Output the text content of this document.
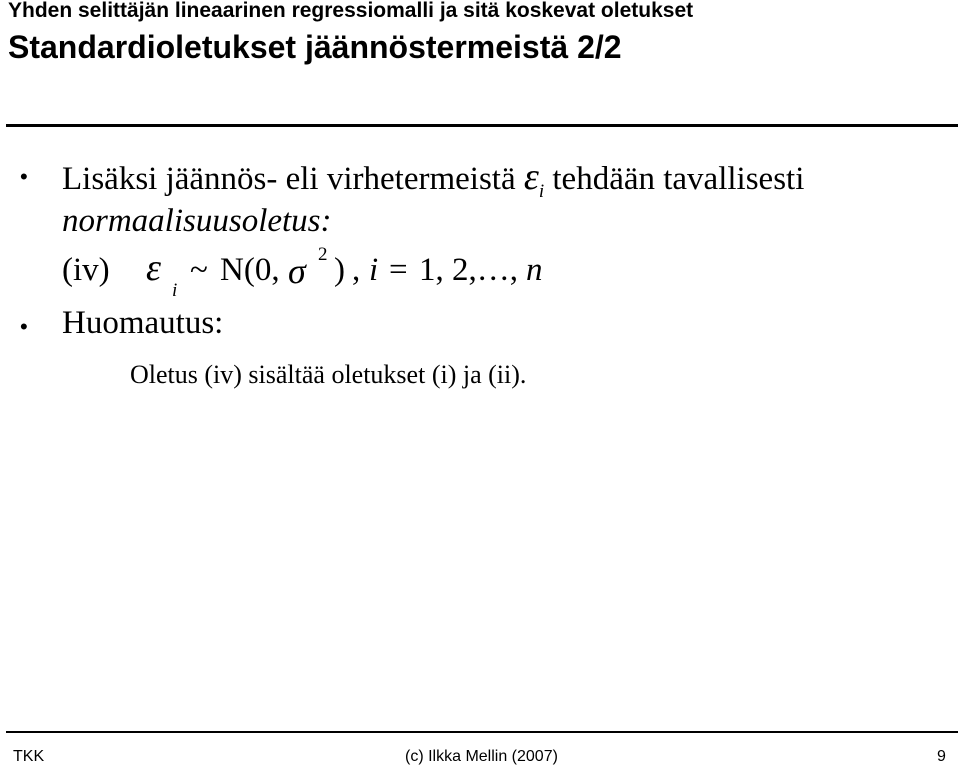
Yhden selittäjän lineaarinen regressiomalli ja sitä koskevat oletukset
Standardioletukset jäännöstermeistä 2/2
• Lisäksi jäännös- eli virhetermeistä $\varepsilon_i$ tehdään tavallisesti
normaalisuusoletus:
(iv) ε
i
~ N(0, σ 2 ) , i = 1, 2,…, n
• Huomautus:
Oletus (iv) sisältää oletukset (i) ja (ii).
TKK	(c) Ilkka Mellin (2007)	9
